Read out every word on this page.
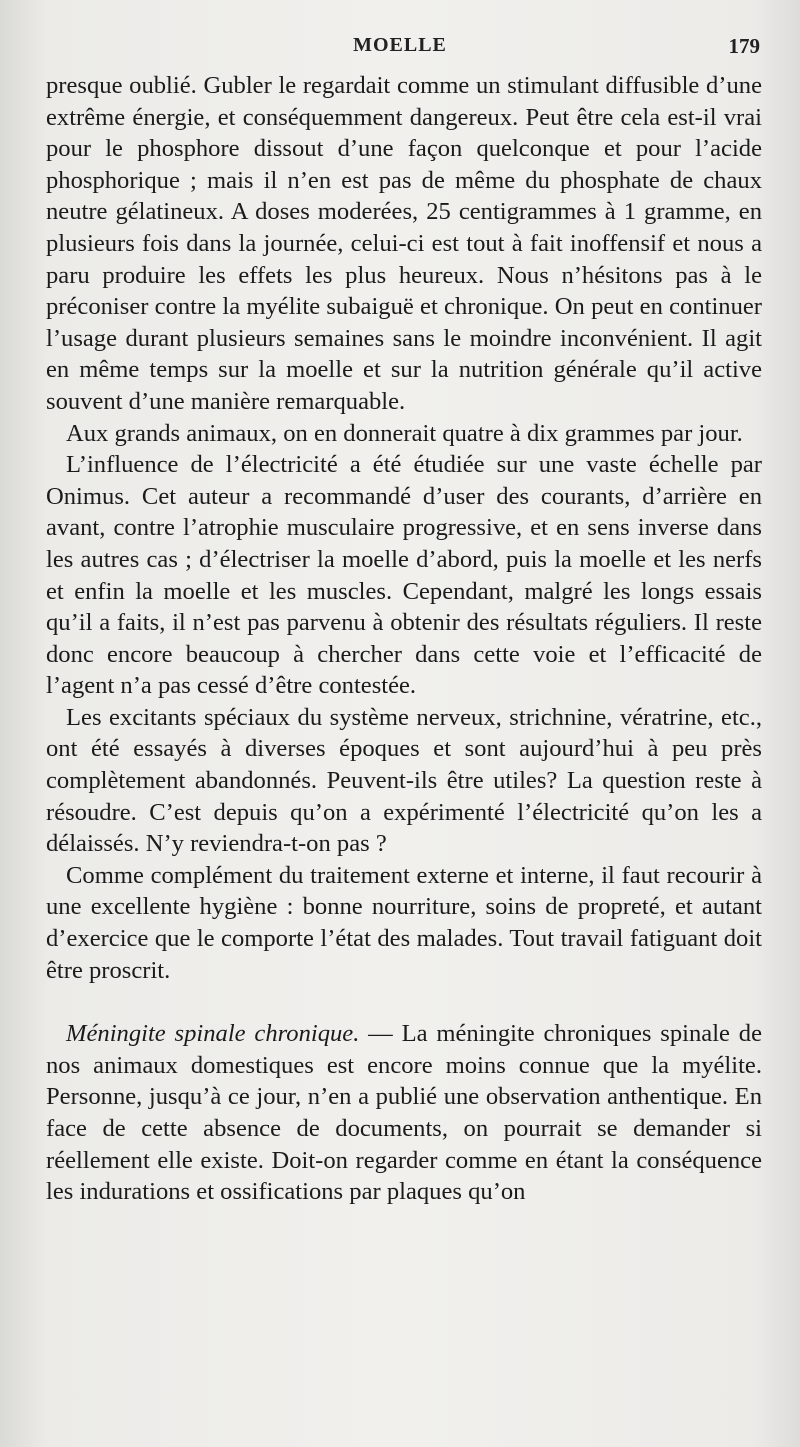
MOELLE	179

presque oublié. Gubler le regardait comme un stimulant diffusible d’une extrême énergie, et conséquemment dangereux. Peut être cela est-il vrai pour le phosphore dissout d’une façon quelconque et pour l’acide phosphorique ; mais il n’en est pas de même du phosphate de chaux neutre gélatineux. A doses moderées, 25 centigrammes à 1 gramme, en plusieurs fois dans la journée, celui-ci est tout à fait inoffensif et nous a paru produire les effets les plus heureux. Nous n’hésitons pas à le préconiser contre la myélite subaiguë et chronique. On peut en continuer l’usage durant plusieurs semaines sans le moindre inconvénient. Il agit en même temps sur la moelle et sur la nutrition générale qu’il active souvent d’une manière remarquable.

Aux grands animaux, on en donnerait quatre à dix grammes par jour.

L’influence de l’électricité a été étudiée sur une vaste échelle par Onimus. Cet auteur a recommandé d’user des courants, d’arrière en avant, contre l’atrophie musculaire progressive, et en sens inverse dans les autres cas ; d’électriser la moelle d’abord, puis la moelle et les nerfs et enfin la moelle et les muscles. Cependant, malgré les longs essais qu’il a faits, il n’est pas parvenu à obtenir des résultats réguliers. Il reste donc encore beaucoup à chercher dans cette voie et l’efficacité de l’agent n’a pas cessé d’être contestée.

Les excitants spéciaux du système nerveux, strichnine, vératrine, etc., ont été essayés à diverses époques et sont aujourd’hui à peu près complètement abandonnés. Peuvent-ils être utiles? La question reste à résoudre. C’est depuis qu’on a expérimenté l’électricité qu’on les a délaissés. N’y reviendra-t-on pas ?

Comme complément du traitement externe et interne, il faut recourir à une excellente hygiène : bonne nourriture, soins de propreté, et autant d’exercice que le comporte l’état des malades. Tout travail fatiguant doit être proscrit.

Méningite spinale chronique. — La méningite chroniques spinale de nos animaux domestiques est encore moins connue que la myélite. Personne, jusqu’à ce jour, n’en a publié une observation anthentique. En face de cette absence de documents, on pourrait se demander si réellement elle existe. Doit-on regarder comme en étant la conséquence les indurations et ossifications par plaques qu’on
